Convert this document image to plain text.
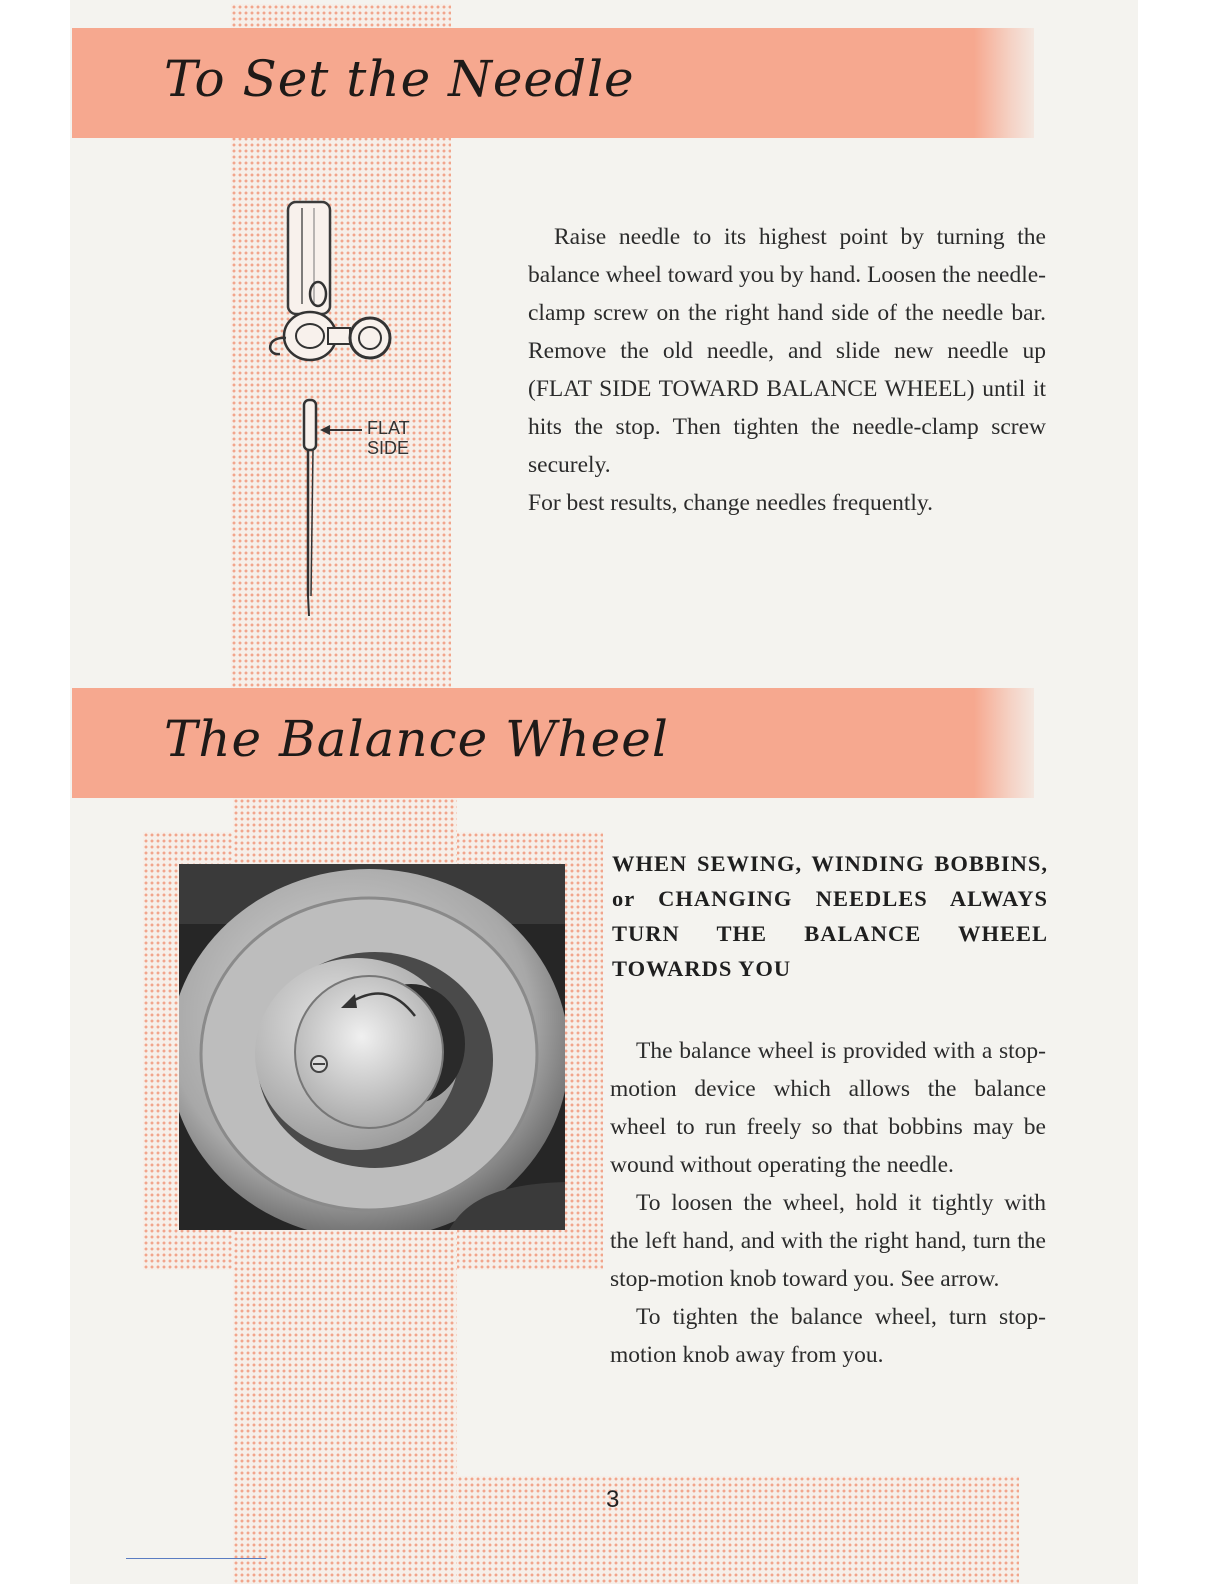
To Set the Needle
FLAT
SIDE

Raise needle to its highest point by turning the balance wheel toward you by hand. Loosen the needle-clamp screw on the right hand side of the needle bar. Remove the old needle, and slide new needle up (FLAT SIDE TOWARD BALANCE WHEEL) until it hits the stop. Then tighten the needle-clamp screw securely.

For best results, change needles frequently.

The Balance Wheel

WHEN SEWING, WINDING BOBBINS, or CHANGING NEEDLES ALWAYS TURN THE BALANCE WHEEL TOWARDS YOU

The balance wheel is provided with a stop-motion device which allows the balance wheel to run freely so that bobbins may be wound without operating the needle.

To loosen the wheel, hold it tightly with the left hand, and with the right hand, turn the stop-motion knob toward you. See arrow.

To tighten the balance wheel, turn stop-motion knob away from you.

3
